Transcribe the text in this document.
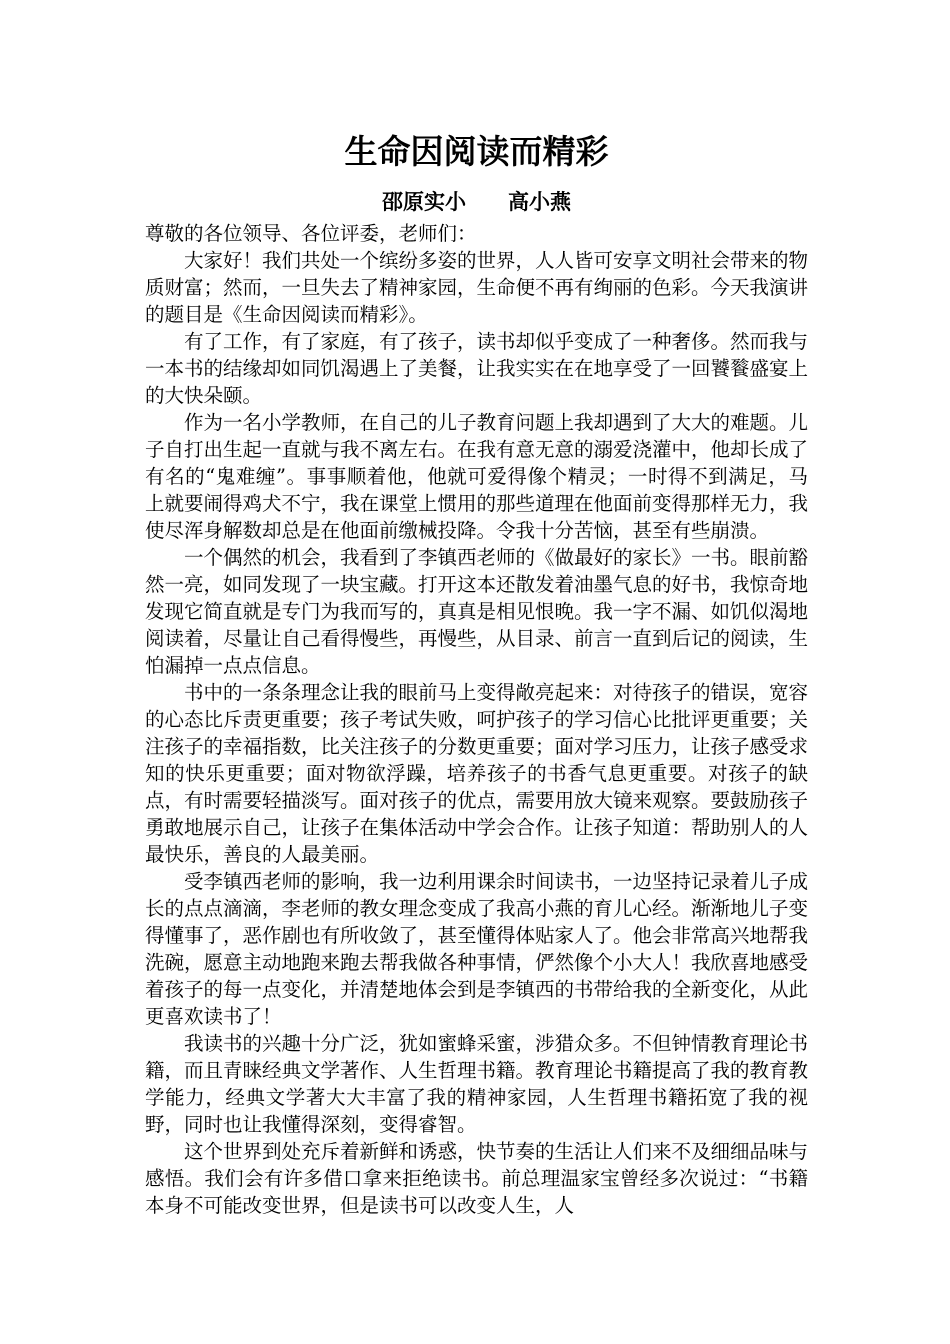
生命因阅读而精彩
邵原实小　　高小燕

尊敬的各位领导、各位评委，老师们：

大家好！我们共处一个缤纷多姿的世界，人人皆可安享文明社会带来的物质财富；然而，一旦失去了精神家园，生命便不再有绚丽的色彩。今天我演讲的题目是《生命因阅读而精彩》。

有了工作，有了家庭，有了孩子，读书却似乎变成了一种奢侈。然而我与一本书的结缘却如同饥渴遇上了美餐，让我实实在在地享受了一回饕餮盛宴上的大快朵颐。

作为一名小学教师，在自己的儿子教育问题上我却遇到了大大的难题。儿子自打出生起一直就与我不离左右。在我有意无意的溺爱浇灌中，他却长成了有名的“鬼难缠”。事事顺着他，他就可爱得像个精灵；一时得不到满足，马上就要闹得鸡犬不宁，我在课堂上惯用的那些道理在他面前变得那样无力，我使尽浑身解数却总是在他面前缴械投降。令我十分苦恼，甚至有些崩溃。

一个偶然的机会，我看到了李镇西老师的《做最好的家长》一书。眼前豁然一亮，如同发现了一块宝藏。打开这本还散发着油墨气息的好书，我惊奇地发现它简直就是专门为我而写的，真真是相见恨晚。我一字不漏、如饥似渴地阅读着，尽量让自己看得慢些，再慢些，从目录、前言一直到后记的阅读，生怕漏掉一点点信息。

书中的一条条理念让我的眼前马上变得敞亮起来：对待孩子的错误，宽容的心态比斥责更重要；孩子考试失败，呵护孩子的学习信心比批评更重要；关注孩子的幸福指数，比关注孩子的分数更重要；面对学习压力，让孩子感受求知的快乐更重要；面对物欲浮躁，培养孩子的书香气息更重要。对孩子的缺点，有时需要轻描淡写。面对孩子的优点，需要用放大镜来观察。要鼓励孩子勇敢地展示自己，让孩子在集体活动中学会合作。让孩子知道：帮助别人的人最快乐，善良的人最美丽。

受李镇西老师的影响，我一边利用课余时间读书，一边坚持记录着儿子成长的点点滴滴，李老师的教女理念变成了我高小燕的育儿心经。渐渐地儿子变得懂事了，恶作剧也有所收敛了，甚至懂得体贴家人了。他会非常高兴地帮我洗碗，愿意主动地跑来跑去帮我做各种事情，俨然像个小大人！我欣喜地感受着孩子的每一点变化，并清楚地体会到是李镇西的书带给我的全新变化，从此更喜欢读书了！

我读书的兴趣十分广泛，犹如蜜蜂采蜜，涉猎众多。不但钟情教育理论书籍，而且青睐经典文学著作、人生哲理书籍。教育理论书籍提高了我的教育教学能力，经典文学著大大丰富了我的精神家园，人生哲理书籍拓宽了我的视野，同时也让我懂得深刻，变得睿智。

这个世界到处充斥着新鲜和诱惑，快节奏的生活让人们来不及细细品味与感悟。我们会有许多借口拿来拒绝读书。前总理温家宝曾经多次说过：“书籍本身不可能改变世界，但是读书可以改变人生，人
